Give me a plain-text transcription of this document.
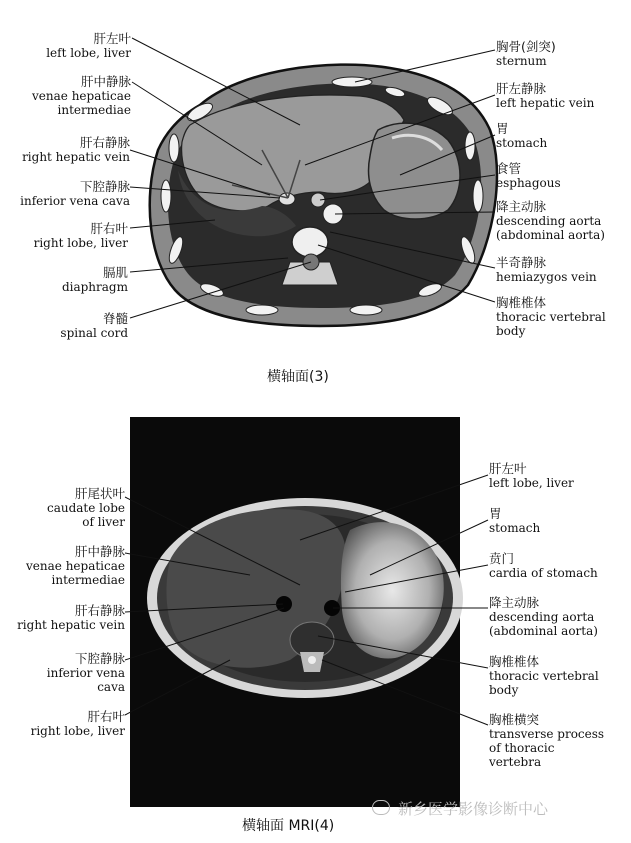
肝左叶
left lobe, liver
肝中静脉
venae hepaticae
intermediae
肝右静脉
right hepatic vein
下腔静脉
inferior vena cava
肝右叶
right lobe, liver
膈肌
diaphragm
脊髓
spinal cord
胸骨(剑突)
sternum
肝左静脉
left hepatic vein
胃
stomach
食管
esphagous
降主动脉
descending aorta
(abdominal aorta)
半奇静脉
hemiazygos vein
胸椎椎体
thoracic vertebral
body
横轴面(3)
肝尾状叶
caudate lobe
of liver
肝中静脉
venae hepaticae
intermediae
肝右静脉
right hepatic vein
下腔静脉
inferior vena
cava
肝右叶
right lobe, liver
肝左叶
left lobe, liver
胃
stomach
贲门
cardia of stomach
降主动脉
descending aorta
(abdominal aorta)
胸椎椎体
thoracic vertebral
body
胸椎横突
transverse process
of thoracic
vertebra
横轴面 MRI(4)
新乡医学影像诊断中心
